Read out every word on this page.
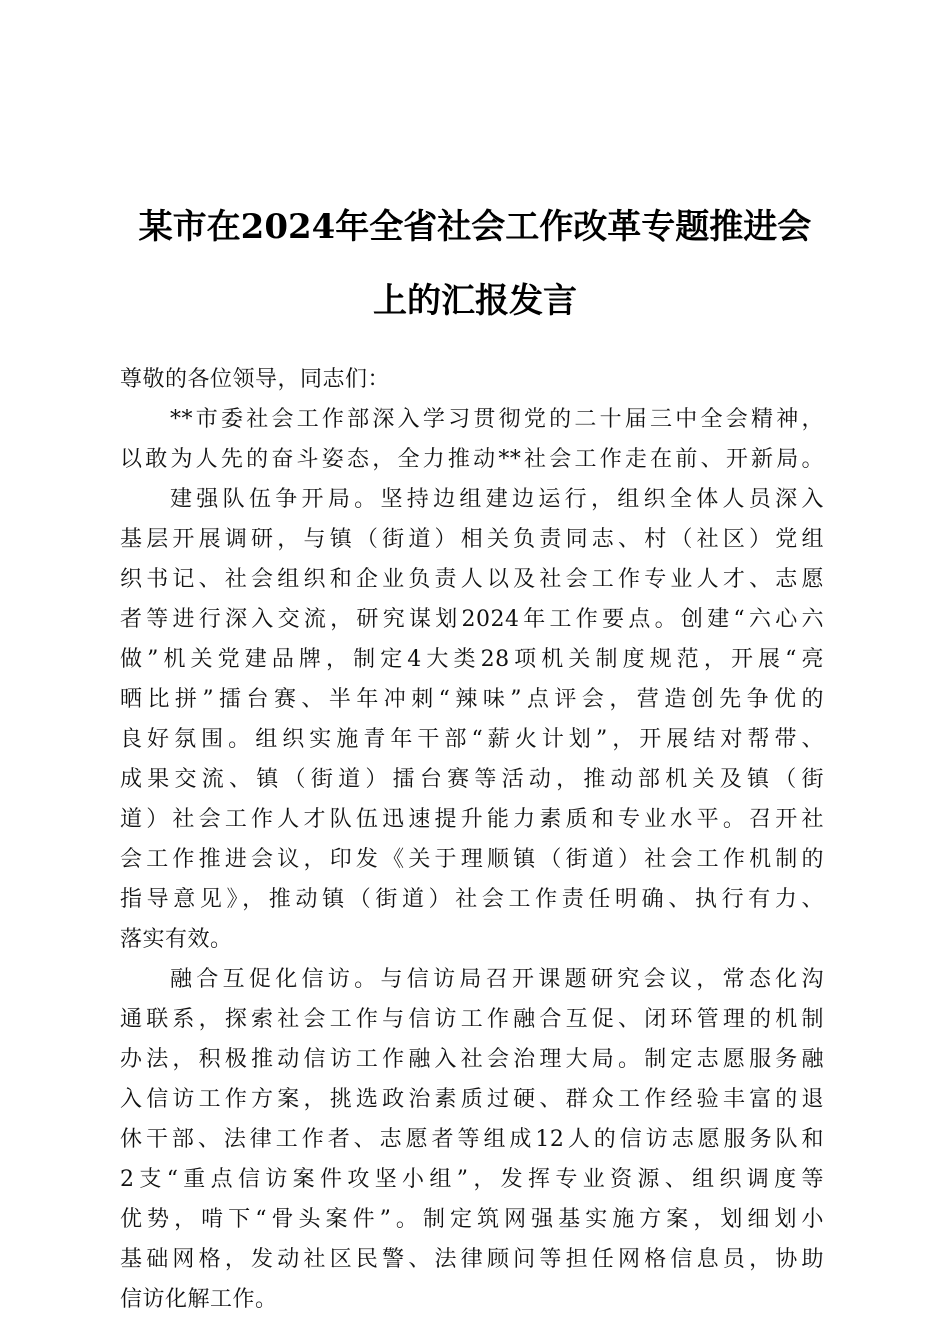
某市在2024年全省社会工作改革专题推进会
上的汇报发言

尊敬的各位领导，同志们：

**市委社会工作部深入学习贯彻党的二十届三中全会精神，
以敢为人先的奋斗姿态，全力推动**社会工作走在前、开新局。

建强队伍争开局。坚持边组建边运行，组织全体人员深入
基层开展调研，与镇（街道）相关负责同志、村（社区）党组
织书记、社会组织和企业负责人以及社会工作专业人才、志愿
者等进行深入交流，研究谋划2024年工作要点。创建“六心六
做”机关党建品牌，制定4大类28项机关制度规范，开展“亮
晒比拼”擂台赛、半年冲刺“辣味”点评会，营造创先争优的
良好氛围。组织实施青年干部“薪火计划”，开展结对帮带、
成果交流、镇（街道）擂台赛等活动，推动部机关及镇（街
道）社会工作人才队伍迅速提升能力素质和专业水平。召开社
会工作推进会议，印发《关于理顺镇（街道）社会工作机制的
指导意见》，推动镇（街道）社会工作责任明确、执行有力、
落实有效。

融合互促化信访。与信访局召开课题研究会议，常态化沟
通联系，探索社会工作与信访工作融合互促、闭环管理的机制
办法，积极推动信访工作融入社会治理大局。制定志愿服务融
入信访工作方案，挑选政治素质过硬、群众工作经验丰富的退
休干部、法律工作者、志愿者等组成12人的信访志愿服务队和
2支“重点信访案件攻坚小组”，发挥专业资源、组织调度等
优势，啃下“骨头案件”。制定筑网强基实施方案，划细划小
基础网格，发动社区民警、法律顾问等担任网格信息员，协助
信访化解工作。
